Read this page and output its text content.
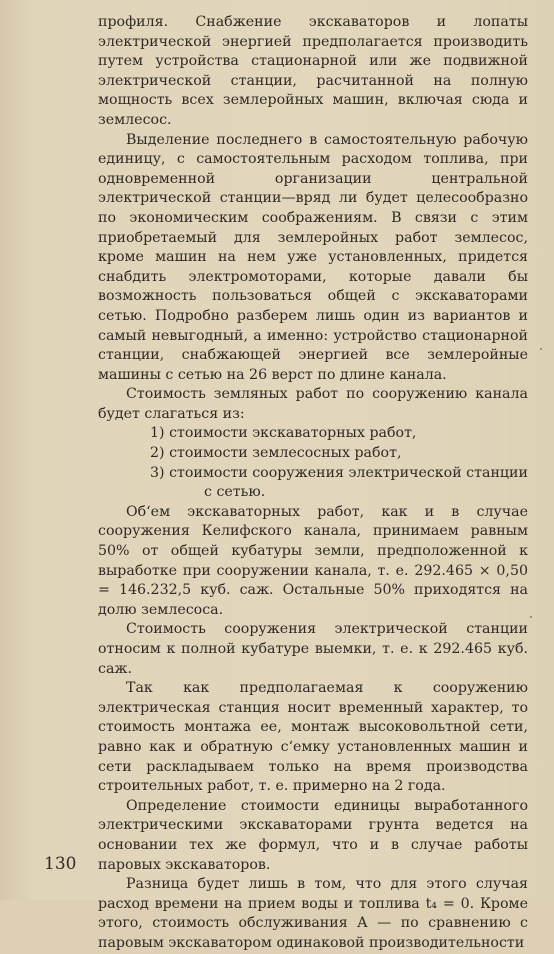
профиля. Снабжение экскаваторов и лопаты электрической энергией предполагается производить путем устройства стационарной или же подвижной электрической станции, расчитанной на полную мощность всех землеройных машин, включая сюда и землесос.

Выделение последнего в самостоятельную рабочую единицу, с самостоятельным расходом топлива, при одновременной организации центральной электрической станции—вряд ли будет целесообразно по экономическим соображениям. В связи с этим приобретаемый для землеройных работ землесос, кроме машин на нем уже установленных, придется снабдить электромоторами, которые давали бы возможность пользоваться общей с экскаваторами сетью. Подробно разберем лишь один из вариантов и самый невыгодный, а именно: устройство стационарной станции, снабжающей энергией все землеройные машины с сетью на 26 верст по длине канала.

Стоимость земляных работ по сооружению канала будет слагаться из:

1) стоимости экскаваторных работ,
2) стоимости землесосных работ,
3) стоимости сооружения электрической станции
с сетью.

Об‘ем экскаваторных работ, как и в случае сооружения Келифского канала, принимаем равным 50% от общей кубатуры земли, предположенной к выработке при сооружении канала, т. е. 292.465 × 0,50 = 146.232,5 куб. саж. Остальные 50% приходятся на долю землесоса.

Стоимость сооружения электрической станции относим к полной кубатуре выемки, т. е. к 292.465 куб. саж.

Так как предполагаемая к сооружению электрическая станция носит временный характер, то стоимость монтажа ее, монтаж высоковольтной сети, равно как и обратную с‘емку установленных машин и сети раскладываем только на время производства строительных работ, т. е. примерно на 2 года.

Определение стоимости единицы выработанного электрическими экскаваторами грунта ведется на основании тех же формул, что и в случае работы паровых экскаваторов.

Разница будет лишь в том, что для этого случая расход времени на прием воды и топлива t₄ = 0. Кроме этого, стоимость обслуживания А — по сравнению с паровым экскаватором одинаковой производительности

130
